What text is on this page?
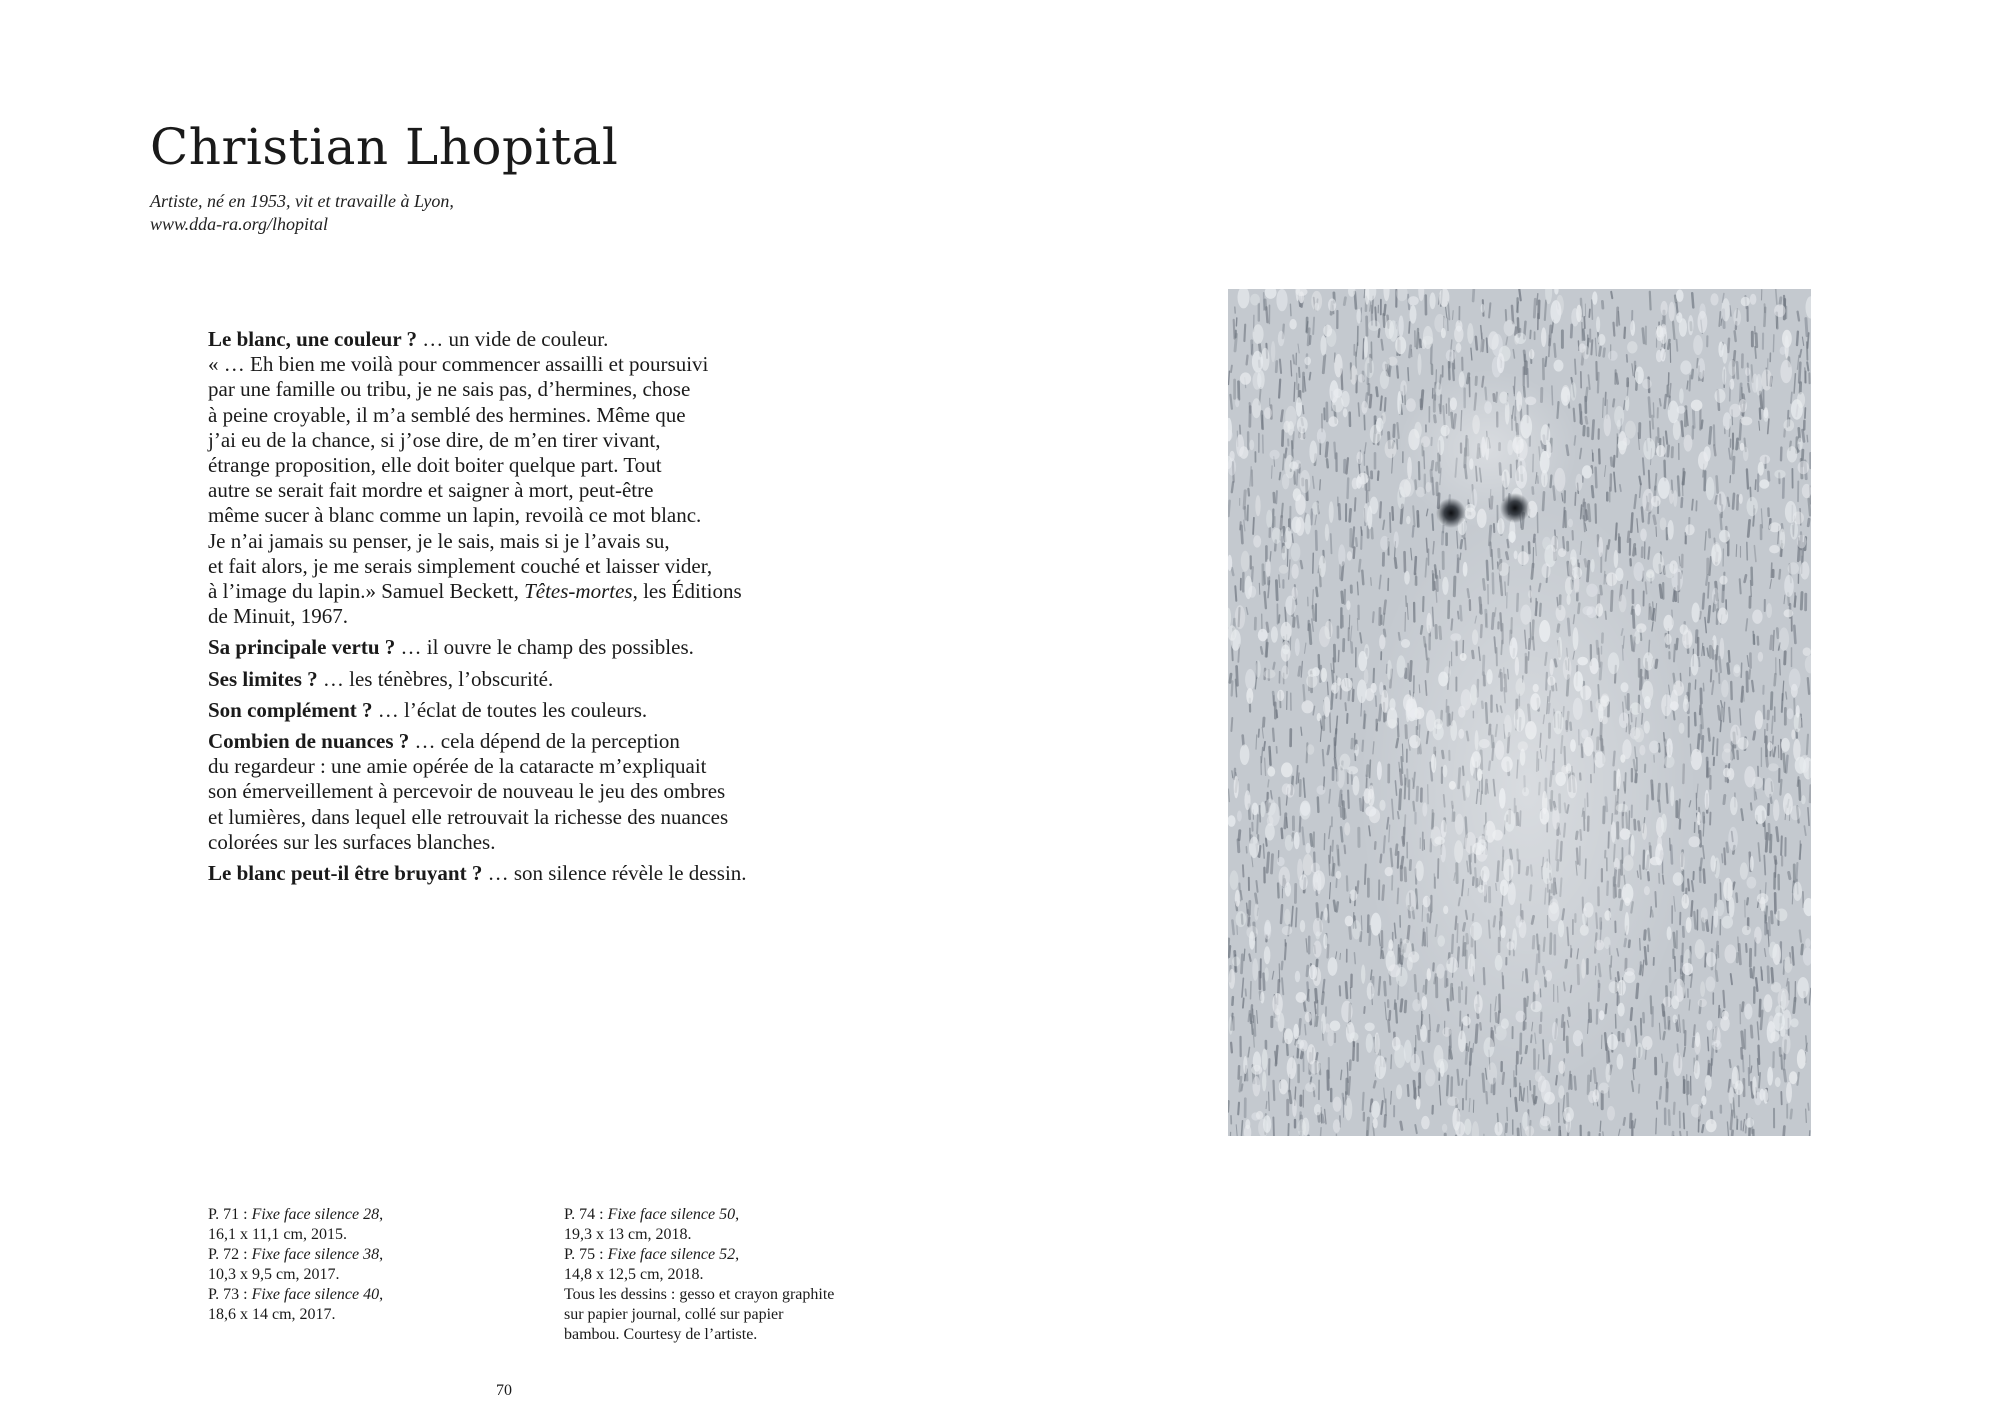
Christian Lhopital
Artiste, né en 1953, vit et travaille à Lyon,
www.dda-ra.org/lhopital
Le blanc, une couleur ? … un vide de couleur.
« … Eh bien me voilà pour commencer assailli et poursuivi
par une famille ou tribu, je ne sais pas, d’hermines, chose
à peine croyable, il m’a semblé des hermines. Même que
j’ai eu de la chance, si j’ose dire, de m’en tirer vivant,
étrange proposition, elle doit boiter quelque part. Tout
autre se serait fait mordre et saigner à mort, peut-être
même sucer à blanc comme un lapin, revoilà ce mot blanc.
Je n’ai jamais su penser, je le sais, mais si je l’avais su,
et fait alors, je me serais simplement couché et laisser vider,
à l’image du lapin.» Samuel Beckett, Têtes-mortes, les Éditions
de Minuit, 1967.
Sa principale vertu ? … il ouvre le champ des possibles.
Ses limites ? … les ténèbres, l’obscurité.
Son complément ? … l’éclat de toutes les couleurs.
Combien de nuances ? … cela dépend de la perception
du regardeur : une amie opérée de la cataracte m’expliquait
son émerveillement à percevoir de nouveau le jeu des ombres
et lumières, dans lequel elle retrouvait la richesse des nuances
colorées sur les surfaces blanches.
Le blanc peut-il être bruyant ? … son silence révèle le dessin.
P. 71 : Fixe face silence 28,
16,1 x 11,1 cm, 2015.
P. 72 : Fixe face silence 38,
10,3 x 9,5 cm, 2017.
P. 73 : Fixe face silence 40,
18,6 x 14 cm, 2017.
P. 74 : Fixe face silence 50,
19,3 x 13 cm, 2018.
P. 75 : Fixe face silence 52,
14,8 x 12,5 cm, 2018.
Tous les dessins : gesso et crayon graphite
sur papier journal, collé sur papier
bambou. Courtesy de l’artiste.
70
